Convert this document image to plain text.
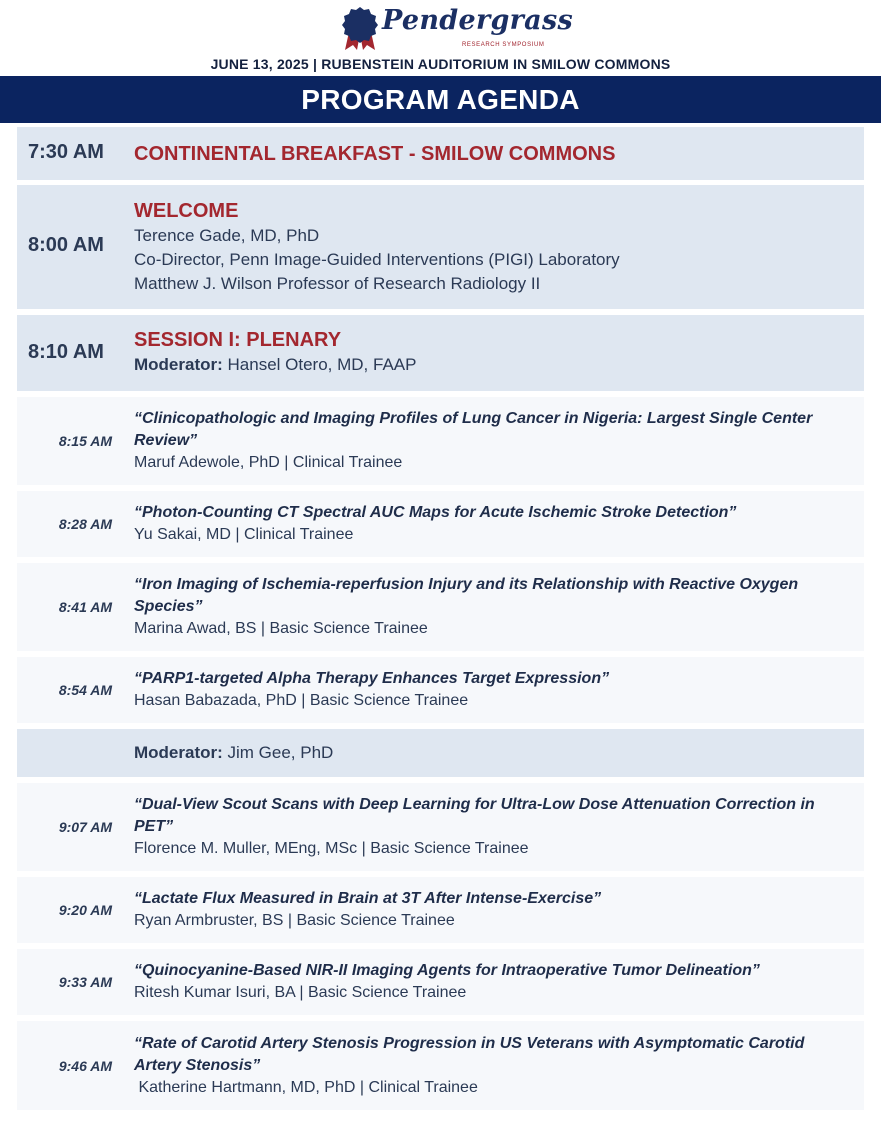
Pendergrass
RESEARCH SYMPOSIUM
JUNE 13, 2025 | RUBENSTEIN AUDITORIUM IN SMILOW COMMONS
PROGRAM AGENDA
7:30 AM CONTINENTAL BREAKFAST - SMILOW COMMONS
8:00 AM
WELCOME
Terence Gade, MD, PhD
Co-Director, Penn Image-Guided Interventions (PIGI) Laboratory
Matthew J. Wilson Professor of Research Radiology II
8:10 AM
SESSION I: PLENARY
Moderator: Hansel Otero, MD, FAAP
8:15 AM
“Clinicopathologic and Imaging Profiles of Lung Cancer in Nigeria: Largest Single Center
Review”
Maruf Adewole, PhD | Clinical Trainee
8:28 AM
“Photon-Counting CT Spectral AUC Maps for Acute Ischemic Stroke Detection”
Yu Sakai, MD | Clinical Trainee
8:41 AM
“Iron Imaging of Ischemia-reperfusion Injury and its Relationship with Reactive Oxygen
Species”
Marina Awad, BS | Basic Science Trainee
8:54 AM
“PARP1-targeted Alpha Therapy Enhances Target Expression”
Hasan Babazada, PhD | Basic Science Trainee
Moderator: Jim Gee, PhD
9:07 AM
“Dual-View Scout Scans with Deep Learning for Ultra-Low Dose Attenuation Correction in
PET”
Florence M. Muller, MEng, MSc | Basic Science Trainee
9:20 AM
“Lactate Flux Measured in Brain at 3T After Intense-Exercise”
Ryan Armbruster, BS | Basic Science Trainee
9:33 AM
“Quinocyanine-Based NIR-II Imaging Agents for Intraoperative Tumor Delineation”
Ritesh Kumar Isuri, BA | Basic Science Trainee
9:46 AM
“Rate of Carotid Artery Stenosis Progression in US Veterans with Asymptomatic Carotid
Artery Stenosis”
Katherine Hartmann, MD, PhD | Clinical Trainee
